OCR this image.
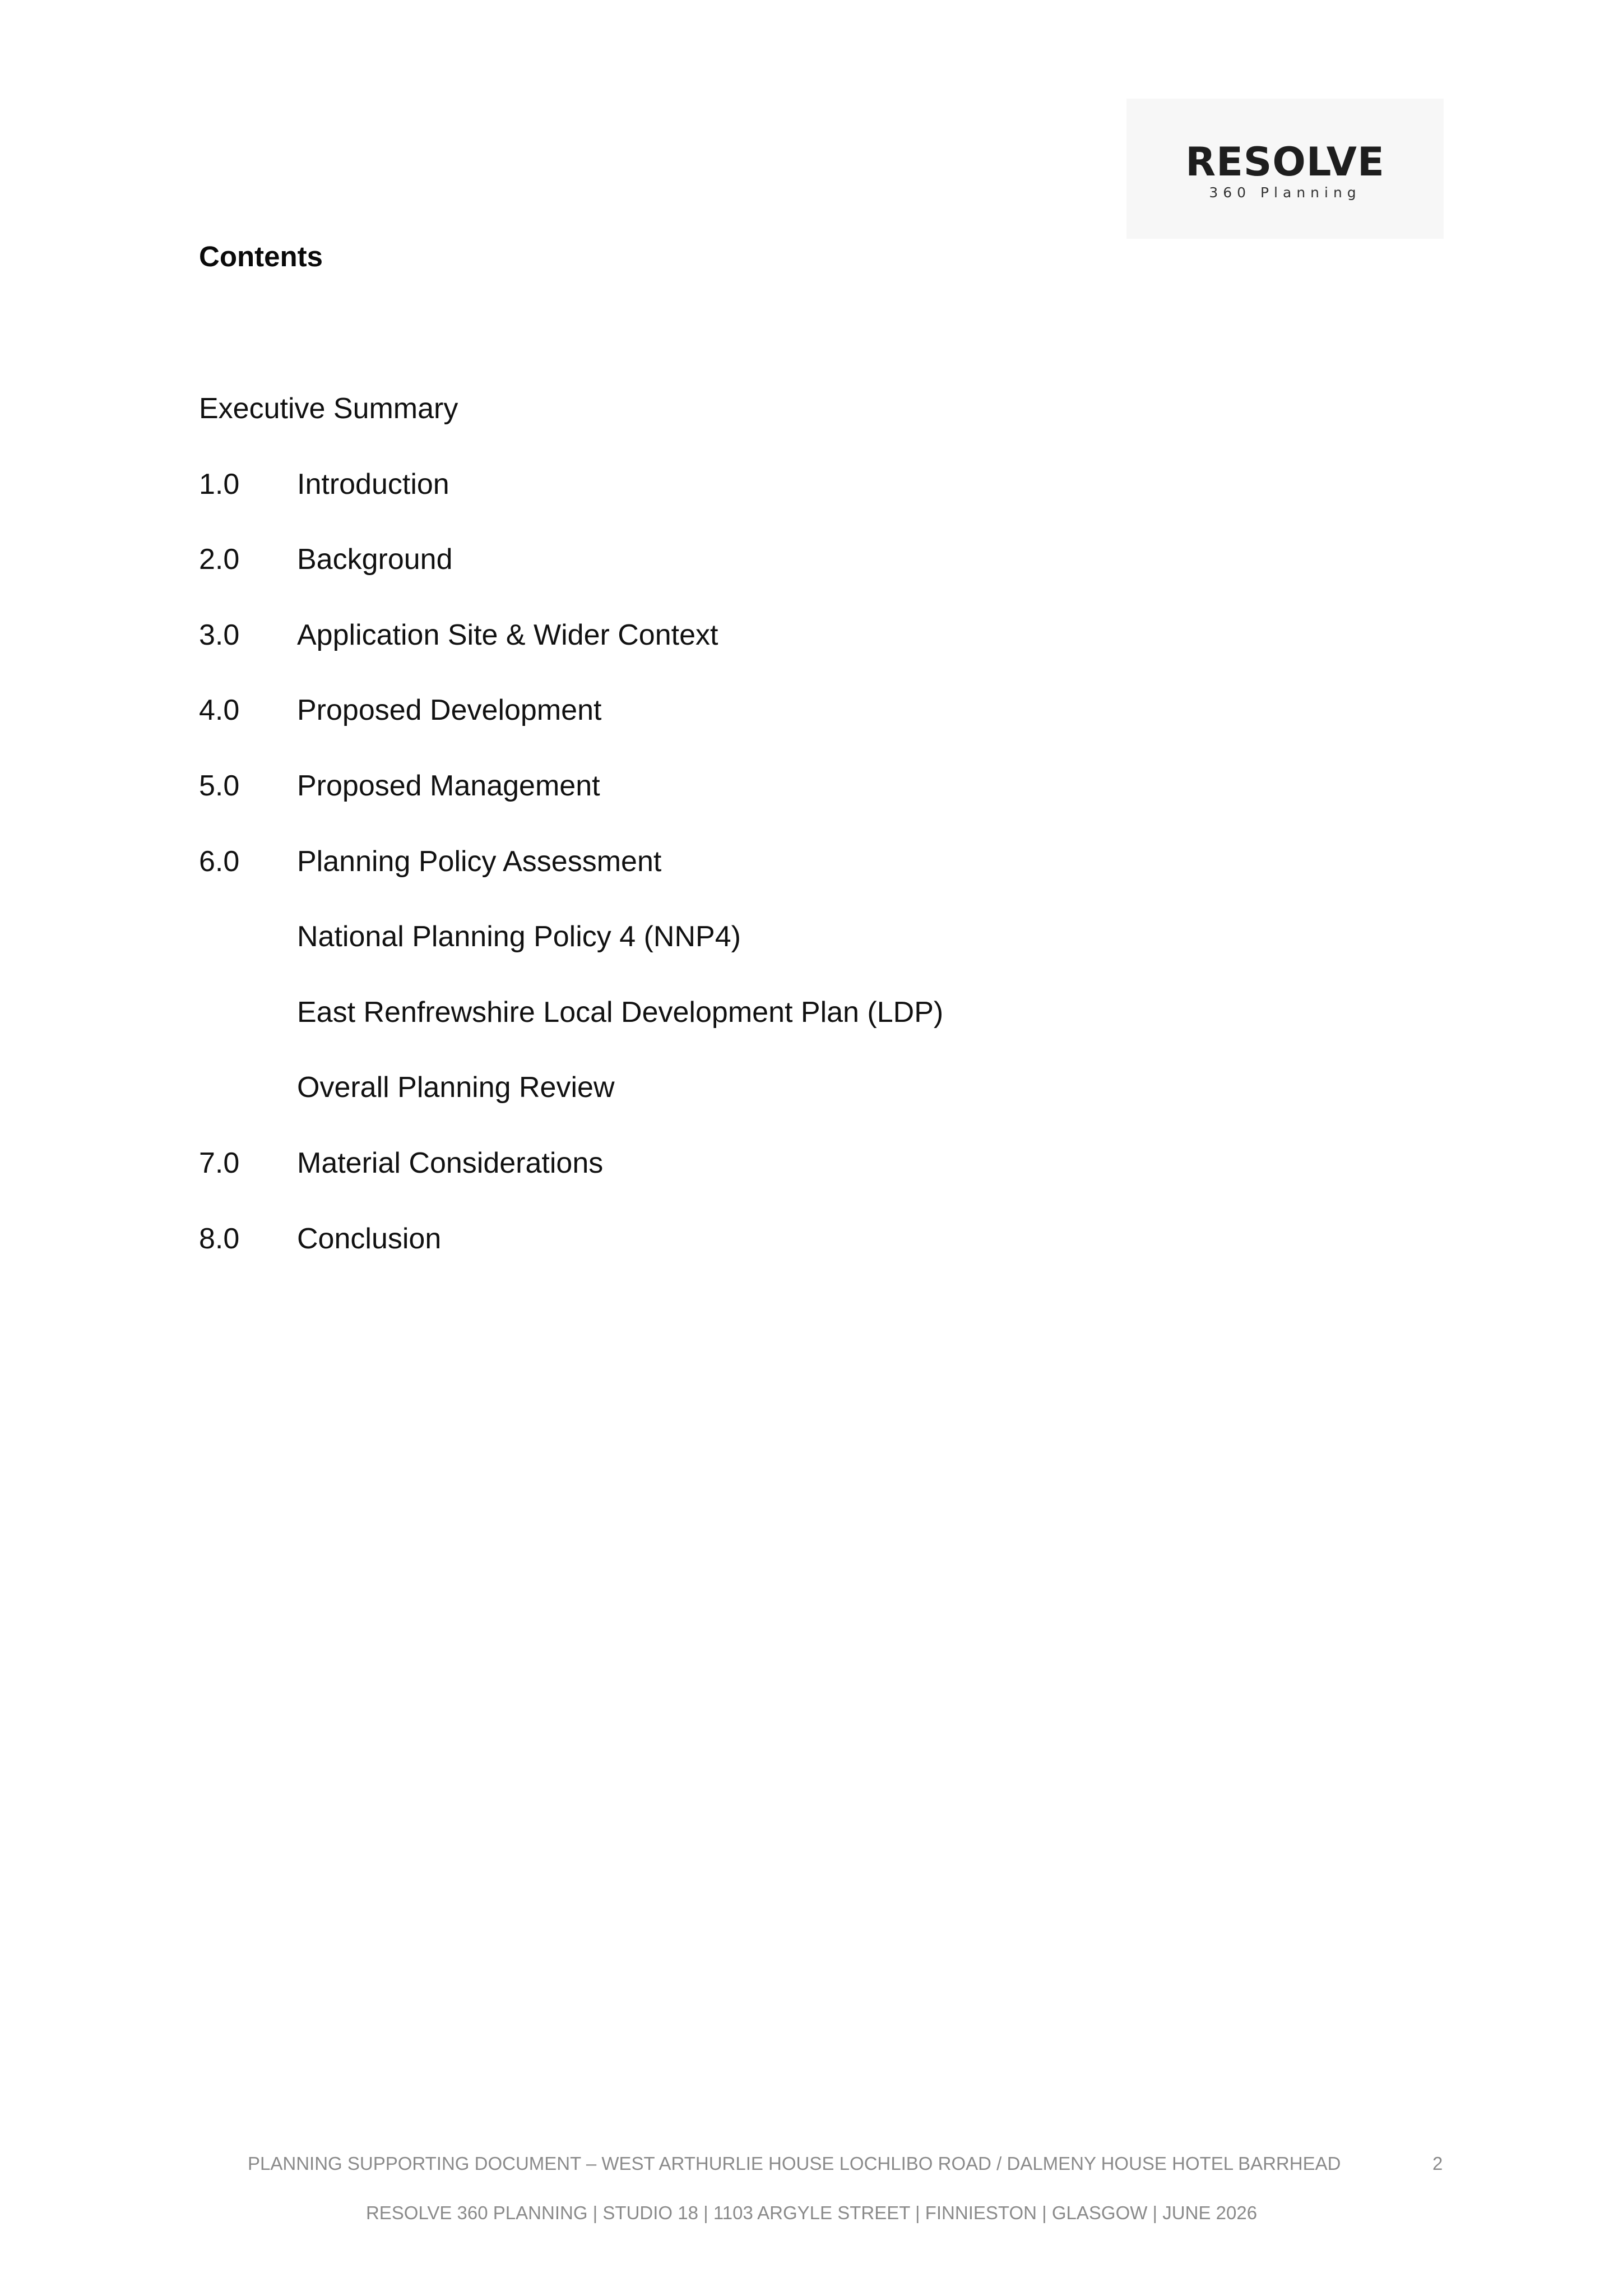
RESOLVE
360 Planning
Contents
Executive Summary
1.0 Introduction
2.0 Background
3.0 Application Site & Wider Context
4.0 Proposed Development
5.0 Proposed Management
6.0 Planning Policy Assessment
National Planning Policy 4 (NNP4)
East Renfrewshire Local Development Plan (LDP)
Overall Planning Review
7.0 Material Considerations
8.0 Conclusion
PLANNING SUPPORTING DOCUMENT – WEST ARTHURLIE HOUSE LOCHLIBO ROAD / DALMENY HOUSE HOTEL BARRHEAD	2
RESOLVE 360 PLANNING | STUDIO 18 | 1103 ARGYLE STREET | FINNIESTON | GLASGOW | JUNE 2026
